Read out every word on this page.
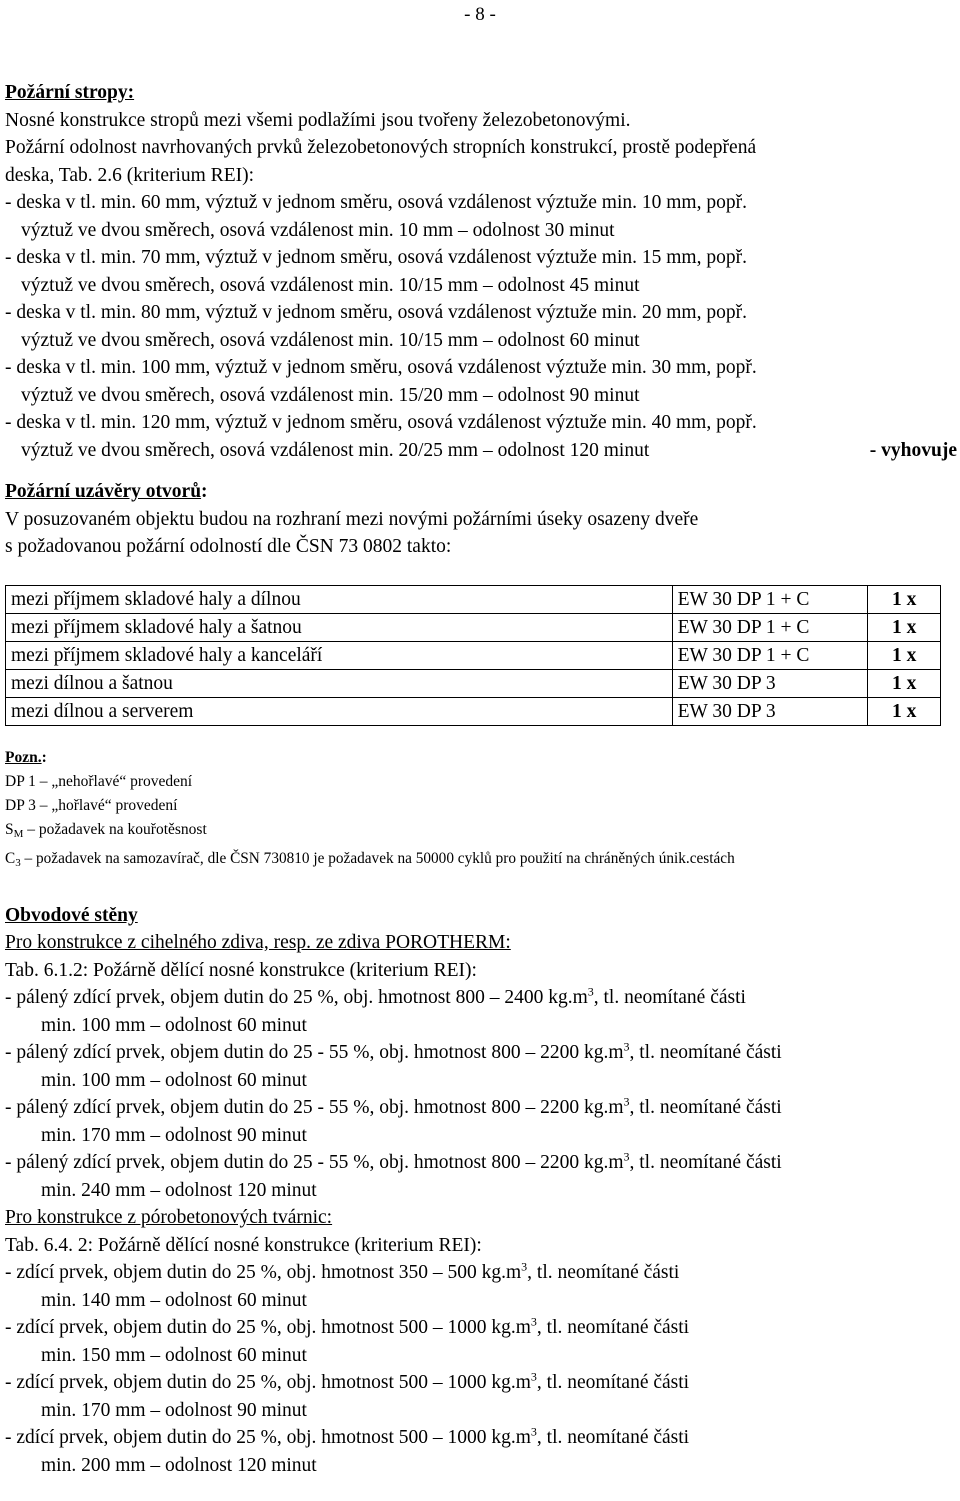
- 8 -
Požární stropy:
Nosné konstrukce stropů mezi všemi podlažími jsou tvořeny železobetonovými.
Požární odolnost navrhovaných prvků železobetonových stropních konstrukcí, prostě podepřená
deska, Tab. 2.6 (kriterium REI):
- deska v tl. min. 60 mm, výztuž v jednom směru, osová vzdálenost výztuže min. 10 mm, popř.
výztuž ve dvou směrech, osová vzdálenost min. 10 mm – odolnost 30 minut
- deska v tl. min. 70 mm, výztuž v jednom směru, osová vzdálenost výztuže min. 15 mm, popř.
výztuž ve dvou směrech, osová vzdálenost min. 10/15 mm – odolnost 45 minut
- deska v tl. min. 80 mm, výztuž v jednom směru, osová vzdálenost výztuže min. 20 mm, popř.
výztuž ve dvou směrech, osová vzdálenost min. 10/15 mm – odolnost 60 minut
- deska v tl. min. 100 mm, výztuž v jednom směru, osová vzdálenost výztuže min. 30 mm, popř.
výztuž ve dvou směrech, osová vzdálenost min. 15/20 mm – odolnost 90 minut
- deska v tl. min. 120 mm, výztuž v jednom směru, osová vzdálenost výztuže min. 40 mm, popř.
výztuž ve dvou směrech, osová vzdálenost min. 20/25 mm – odolnost 120 minut	- vyhovuje
Požární uzávěry otvorů:
V posuzovaném objektu budou na rozhraní mezi novými požárními úseky osazeny dveře
s požadovanou požární odolností dle ČSN 73 0802 takto:
mezi příjmem skladové haly a dílnou	EW 30 DP 1 + C	1 x
mezi příjmem skladové haly a šatnou	EW 30 DP 1 + C	1 x
mezi příjmem skladové haly a kanceláří	EW 30 DP 1 + C	1 x
mezi dílnou a šatnou	EW 30 DP 3	1 x
mezi dílnou a serverem	EW 30 DP 3	1 x
Pozn.:
DP 1 – „nehořlavé“ provedení
DP 3 – „hořlavé“ provedení
SM – požadavek na kouřotěsnost
C3 – požadavek na samozavírač, dle ČSN 730810 je požadavek na 50000 cyklů pro použití na chráněných únik.cestách
Obvodové stěny
Pro konstrukce z cihelného zdiva, resp. ze zdiva POROTHERM:
Tab. 6.1.2: Požárně dělící nosné konstrukce (kriterium REI):
- pálený zdící prvek, objem dutin do 25 %, obj. hmotnost 800 – 2400 $kg.m^3$, tl. neomítané části
min. 100 mm – odolnost 60 minut
- pálený zdící prvek, objem dutin do 25 - 55 %, obj. hmotnost 800 – 2200 $kg.m^3$, tl. neomítané části
min. 100 mm – odolnost 60 minut
- pálený zdící prvek, objem dutin do 25 - 55 %, obj. hmotnost 800 – 2200 $kg.m^3$, tl. neomítané části
min. 170 mm – odolnost 90 minut
- pálený zdící prvek, objem dutin do 25 - 55 %, obj. hmotnost 800 – 2200 $kg.m^3$, tl. neomítané části
min. 240 mm – odolnost 120 minut
Pro konstrukce z pórobetonových tvárnic:
Tab. 6.4. 2: Požárně dělící nosné konstrukce (kriterium REI):
- zdící prvek, objem dutin do 25 %, obj. hmotnost 350 – 500 $kg.m^3$, tl. neomítané části
min. 140 mm – odolnost 60 minut
- zdící prvek, objem dutin do 25 %, obj. hmotnost 500 – 1000 $kg.m^3$, tl. neomítané části
min. 150 mm – odolnost 60 minut
- zdící prvek, objem dutin do 25 %, obj. hmotnost 500 – 1000 $kg.m^3$, tl. neomítané části
min. 170 mm – odolnost 90 minut
- zdící prvek, objem dutin do 25 %, obj. hmotnost 500 – 1000 $kg.m^3$, tl. neomítané části
min. 200 mm – odolnost 120 minut
